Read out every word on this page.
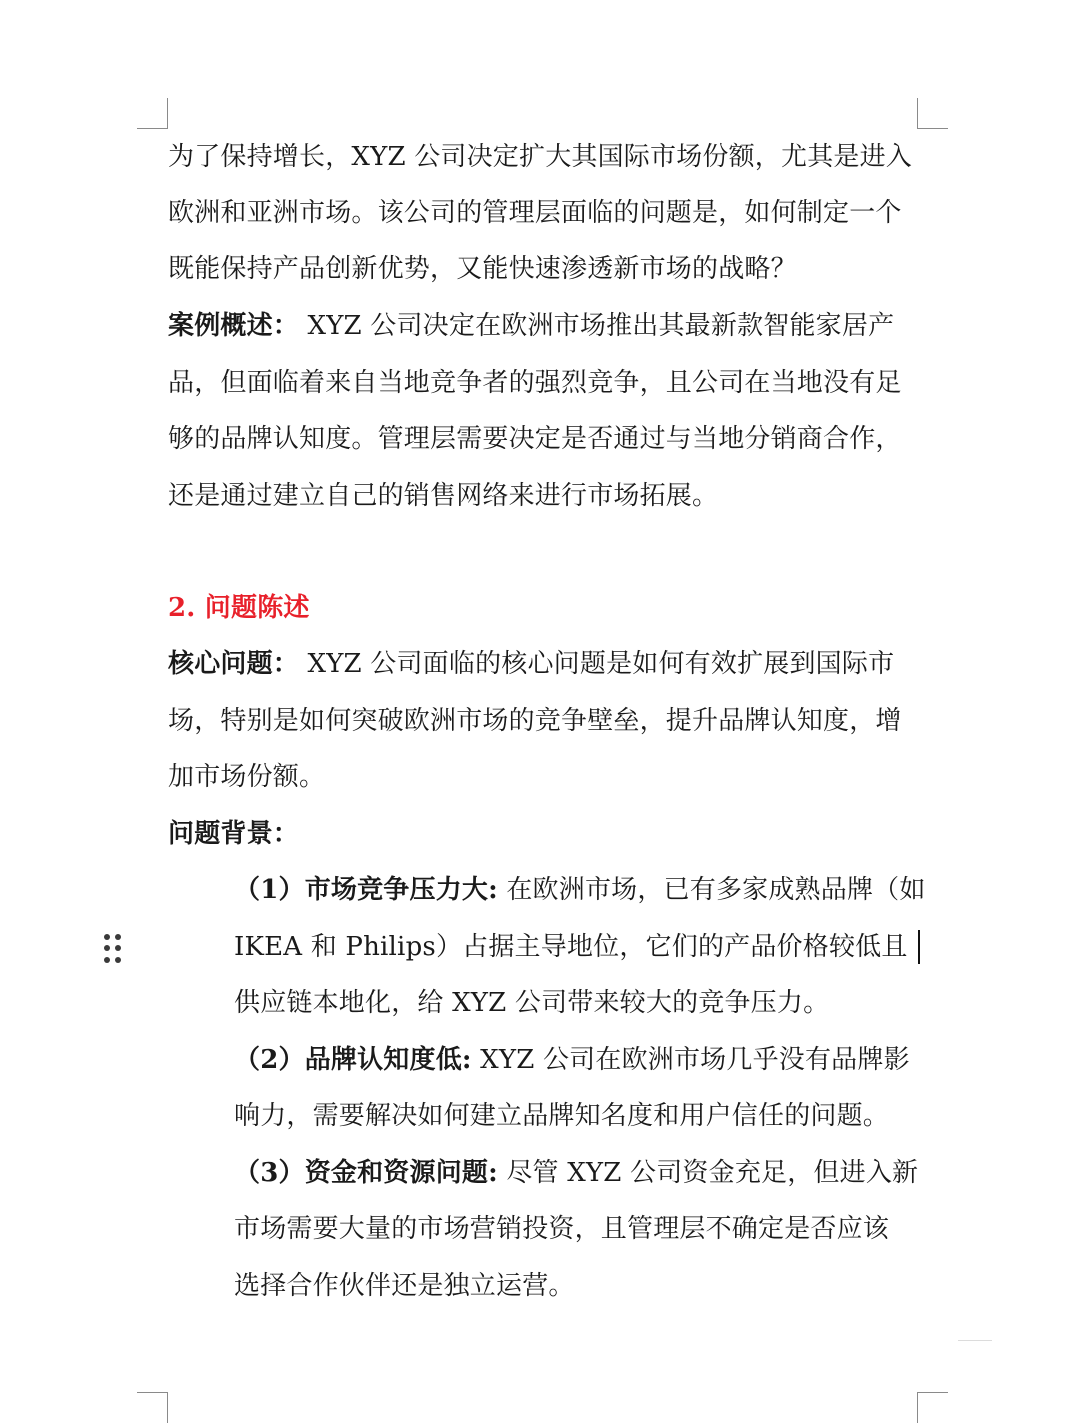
为了保持增长，XYZ 公司决定扩大其国际市场份额，尤其是进入
欧洲和亚洲市场。该公司的管理层面临的问题是，如何制定一个
既能保持产品创新优势，又能快速渗透新市场的战略？
案例概述： XYZ 公司决定在欧洲市场推出其最新款智能家居产
品，但面临着来自当地竞争者的强烈竞争，且公司在当地没有足
够的品牌认知度。管理层需要决定是否通过与当地分销商合作，
还是通过建立自己的销售网络来进行市场拓展。
2. 问题陈述
核心问题： XYZ 公司面临的核心问题是如何有效扩展到国际市
场，特别是如何突破欧洲市场的竞争壁垒，提升品牌认知度，增
加市场份额。
问题背景：
（1）市场竞争压力大: 在欧洲市场，已有多家成熟品牌（如
IKEA 和 Philips）占据主导地位，它们的产品价格较低且
供应链本地化，给 XYZ 公司带来较大的竞争压力。
（2）品牌认知度低: XYZ 公司在欧洲市场几乎没有品牌影
响力，需要解决如何建立品牌知名度和用户信任的问题。
（3）资金和资源问题: 尽管 XYZ 公司资金充足，但进入新
市场需要大量的市场营销投资，且管理层不确定是否应该
选择合作伙伴还是独立运营。
